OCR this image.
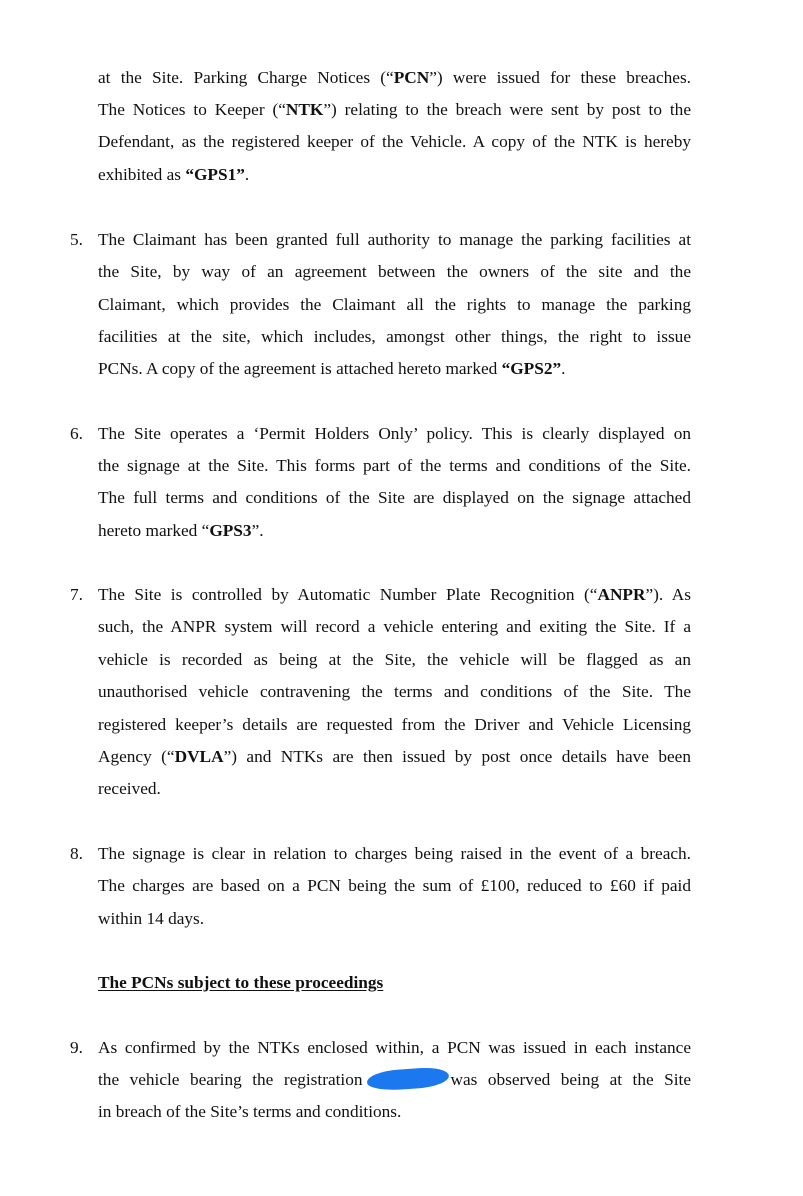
at the Site. Parking Charge Notices (“PCN”) were issued for these breaches.
The Notices to Keeper (“NTK”) relating to the breach were sent by post to the
Defendant, as the registered keeper of the Vehicle. A copy of the NTK is hereby
exhibited as “GPS1”.
5. The Claimant has been granted full authority to manage the parking facilities at
the Site, by way of an agreement between the owners of the site and the
Claimant, which provides the Claimant all the rights to manage the parking
facilities at the site, which includes, amongst other things, the right to issue
PCNs. A copy of the agreement is attached hereto marked “GPS2”.
6. The Site operates a ‘Permit Holders Only’ policy. This is clearly displayed on
the signage at the Site. This forms part of the terms and conditions of the Site.
The full terms and conditions of the Site are displayed on the signage attached
hereto marked “GPS3”.
7. The Site is controlled by Automatic Number Plate Recognition (“ANPR”). As
such, the ANPR system will record a vehicle entering and exiting the Site. If a
vehicle is recorded as being at the Site, the vehicle will be flagged as an
unauthorised vehicle contravening the terms and conditions of the Site. The
registered keeper’s details are requested from the Driver and Vehicle Licensing
Agency (“DVLA”) and NTKs are then issued by post once details have been
received.
8. The signage is clear in relation to charges being raised in the event of a breach.
The charges are based on a PCN being the sum of £100, reduced to £60 if paid
within 14 days.
The PCNs subject to these proceedings
9. As confirmed by the NTKs enclosed within, a PCN was issued in each instance
the vehicle bearing the registration	was observed being at the Site
in breach of the Site’s terms and conditions.
